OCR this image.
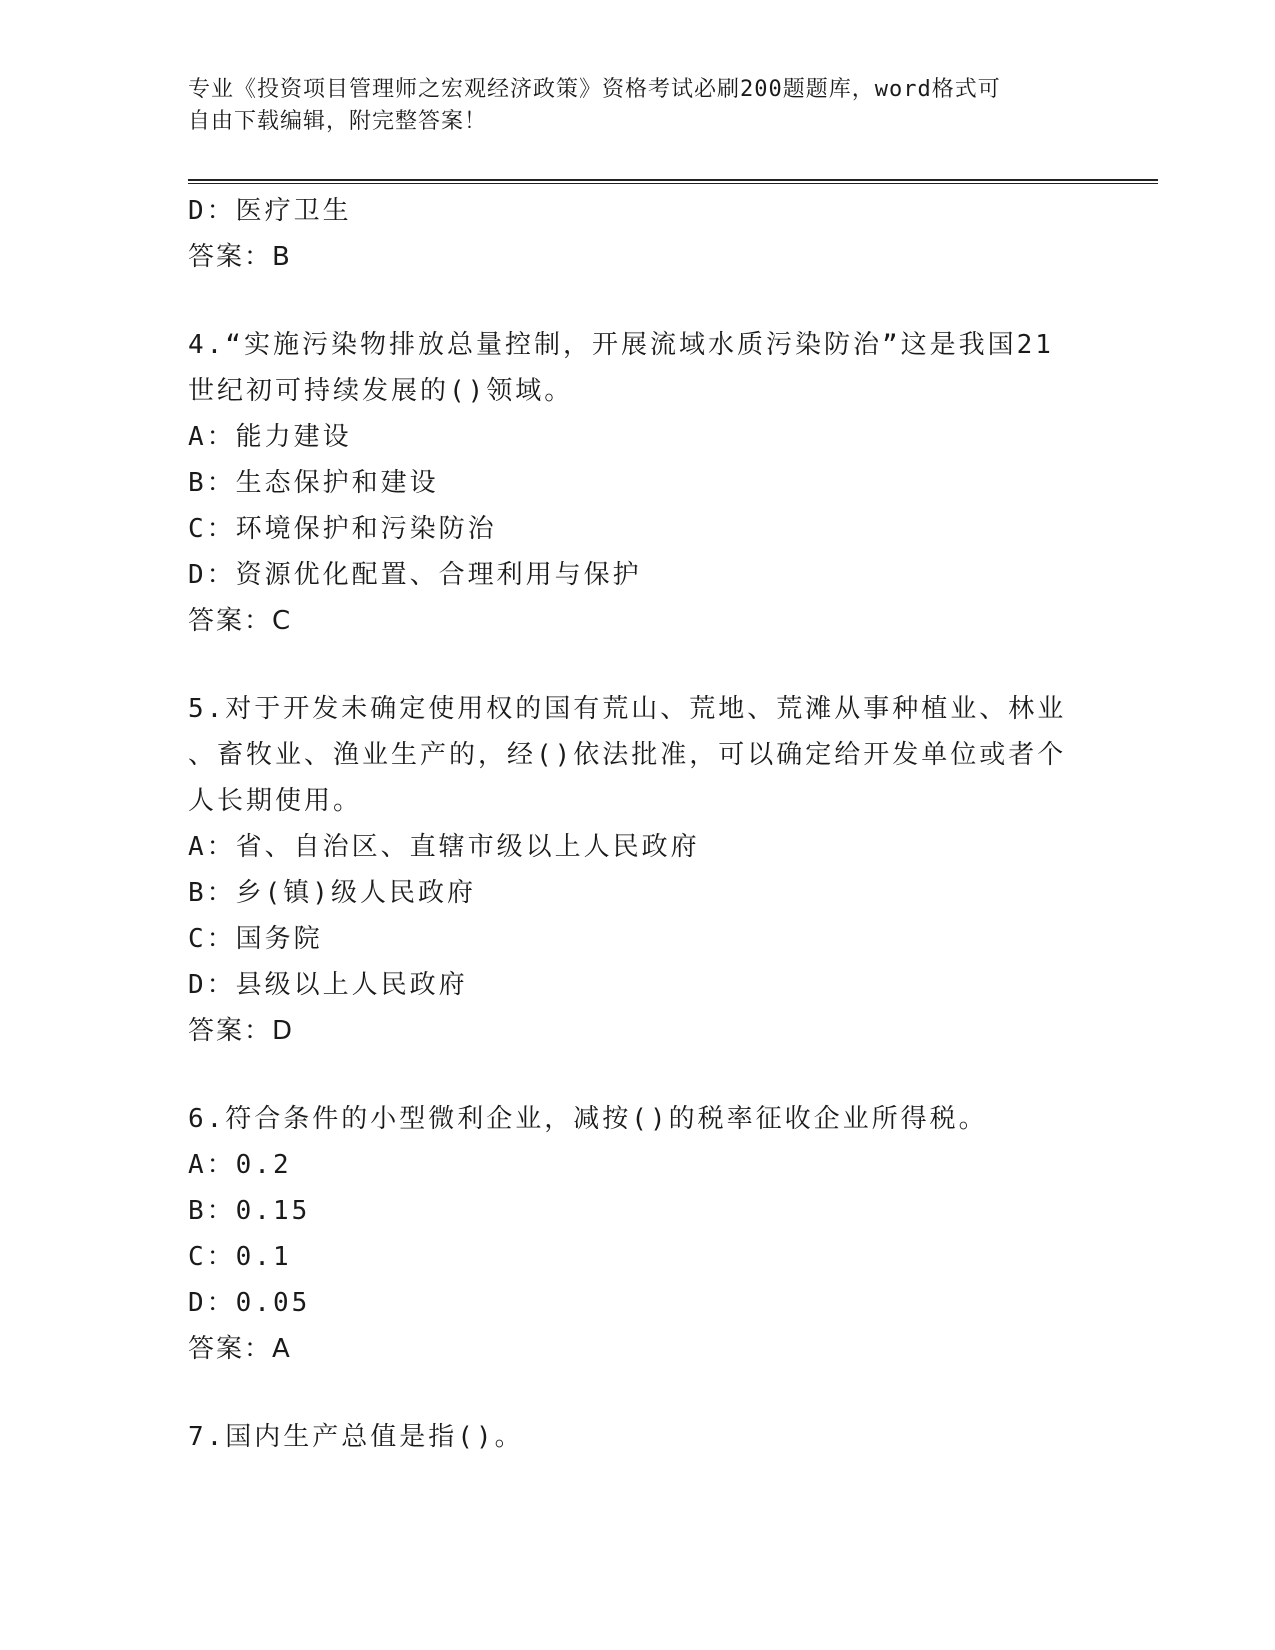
专业《投资项目管理师之宏观经济政策》资格考试必刷200题题库，word格式可
自由下载编辑，附完整答案！
D：医疗卫生
答案：B
4.“实施污染物排放总量控制，开展流域水质污染防治”这是我国21
世纪初可持续发展的()领域。
A：能力建设
B：生态保护和建设
C：环境保护和污染防治
D：资源优化配置、合理利用与保护
答案：C
5.对于开发未确定使用权的国有荒山、荒地、荒滩从事种植业、林业
、畜牧业、渔业生产的，经()依法批准，可以确定给开发单位或者个
人长期使用。
A：省、自治区、直辖市级以上人民政府
B：乡(镇)级人民政府
C：国务院
D：县级以上人民政府
答案：D
6.符合条件的小型微利企业，减按()的税率征收企业所得税。
A：0.2
B：0.15
C：0.1
D：0.05
答案：A
7.国内生产总值是指()。
